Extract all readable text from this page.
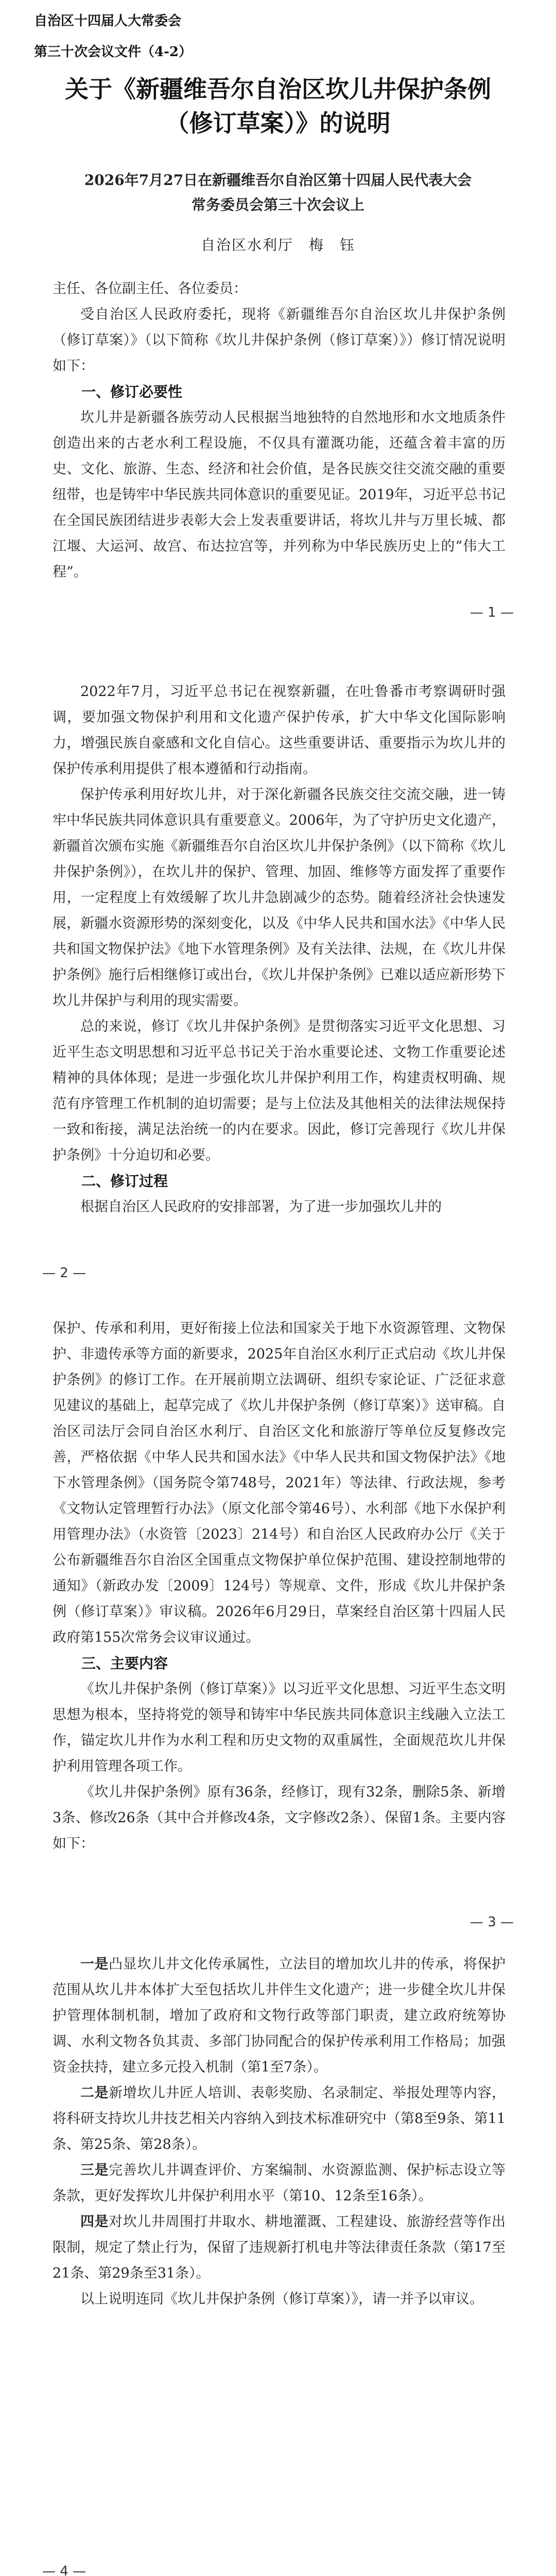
自治区十四届人大常委会
第三十次会议文件（4-2）
关于《新疆维吾尔自治区坎儿井保护条例
（修订草案）》的说明
2026年7月27日在新疆维吾尔自治区第十四届人民代表大会
常务委员会第三十次会议上
自治区水利厅　梅　钰

主任、各位副主任、各位委员：

受自治区人民政府委托，现将《新疆维吾尔自治区坎儿井保护条例（修订草案）》（以下简称《坎儿井保护条例（修订草案）》）修订情况说明如下：

一、修订必要性

坎儿井是新疆各族劳动人民根据当地独特的自然地形和水文地质条件创造出来的古老水利工程设施，不仅具有灌溉功能，还蕴含着丰富的历史、文化、旅游、生态、经济和社会价值，是各民族交往交流交融的重要纽带，也是铸牢中华民族共同体意识的重要见证。2019年，习近平总书记在全国民族团结进步表彰大会上发表重要讲话，将坎儿井与万里长城、都江堰、大运河、故宫、布达拉宫等，并列称为中华民族历史上的“伟大工程”。

— 1 —

2022年7月，习近平总书记在视察新疆，在吐鲁番市考察调研时强调，要加强文物保护利用和文化遗产保护传承，扩大中华文化国际影响力，增强民族自豪感和文化自信心。这些重要讲话、重要指示为坎儿井的保护传承利用提供了根本遵循和行动指南。

保护传承利用好坎儿井，对于深化新疆各民族交往交流交融，进一铸牢中华民族共同体意识具有重要意义。2006年，为了守护历史文化遗产，新疆首次颁布实施《新疆维吾尔自治区坎儿井保护条例》（以下简称《坎儿井保护条例》），在坎儿井的保护、管理、加固、维修等方面发挥了重要作用，一定程度上有效缓解了坎儿井急剧减少的态势。随着经济社会快速发展，新疆水资源形势的深刻变化，以及《中华人民共和国水法》《中华人民共和国文物保护法》《地下水管理条例》及有关法律、法规，在《坎儿井保护条例》施行后相继修订或出台，《坎儿井保护条例》已难以适应新形势下坎儿井保护与利用的现实需要。

总的来说，修订《坎儿井保护条例》是贯彻落实习近平文化思想、习近平生态文明思想和习近平总书记关于治水重要论述、文物工作重要论述精神的具体体现；是进一步强化坎儿井保护利用工作，构建责权明确、规范有序管理工作机制的迫切需要；是与上位法及其他相关的法律法规保持一致和衔接，满足法治统一的内在要求。因此，修订完善现行《坎儿井保护条例》十分迫切和必要。

二、修订过程

根据自治区人民政府的安排部署，为了进一步加强坎儿井的

— 2 —

保护、传承和利用，更好衔接上位法和国家关于地下水资源管理、文物保护、非遗传承等方面的新要求，2025年自治区水利厅正式启动《坎儿井保护条例》的修订工作。在开展前期立法调研、组织专家论证、广泛征求意见建议的基础上，起草完成了《坎儿井保护条例（修订草案）》送审稿。自治区司法厅会同自治区水利厅、自治区文化和旅游厅等单位反复修改完善，严格依据《中华人民共和国水法》《中华人民共和国文物保护法》《地下水管理条例》（国务院令第748号，2021年）等法律、行政法规，参考《文物认定管理暂行办法》（原文化部令第46号）、水利部《地下水保护利用管理办法》（水资管〔2023〕214号）和自治区人民政府办公厅《关于公布新疆维吾尔自治区全国重点文物保护单位保护范围、建设控制地带的通知》（新政办发〔2009〕124号）等规章、文件，形成《坎儿井保护条例（修订草案）》审议稿。2026年6月29日，草案经自治区第十四届人民政府第155次常务会议审议通过。

三、主要内容

《坎儿井保护条例（修订草案）》以习近平文化思想、习近平生态文明思想为根本，坚持将党的领导和铸牢中华民族共同体意识主线融入立法工作，锚定坎儿井作为水利工程和历史文物的双重属性，全面规范坎儿井保护利用管理各项工作。

《坎儿井保护条例》原有36条，经修订，现有32条，删除5条、新增3条、修改26条（其中合并修改4条，文字修改2条）、保留1条。主要内容如下：

— 3 —

一是凸显坎儿井文化传承属性，立法目的增加坎儿井的传承，将保护范围从坎儿井本体扩大至包括坎儿井伴生文化遗产；进一步健全坎儿井保护管理体制机制，增加了政府和文物行政等部门职责，建立政府统筹协调、水利文物各负其责、多部门协同配合的保护传承利用工作格局；加强资金扶持，建立多元投入机制（第1至7条）。

二是新增坎儿井匠人培训、表彰奖励、名录制定、举报处理等内容，将科研支持坎儿井技艺相关内容纳入到技术标准研究中（第8至9条、第11条、第25条、第28条）。

三是完善坎儿井调查评价、方案编制、水资源监测、保护标志设立等条款，更好发挥坎儿井保护利用水平（第10、12条至16条）。

四是对坎儿井周围打井取水、耕地灌溉、工程建设、旅游经营等作出限制，规定了禁止行为，保留了违规新打机电井等法律责任条款（第17至21条、第29条至31条）。

以上说明连同《坎儿井保护条例（修订草案）》，请一并予以审议。

— 4 —
